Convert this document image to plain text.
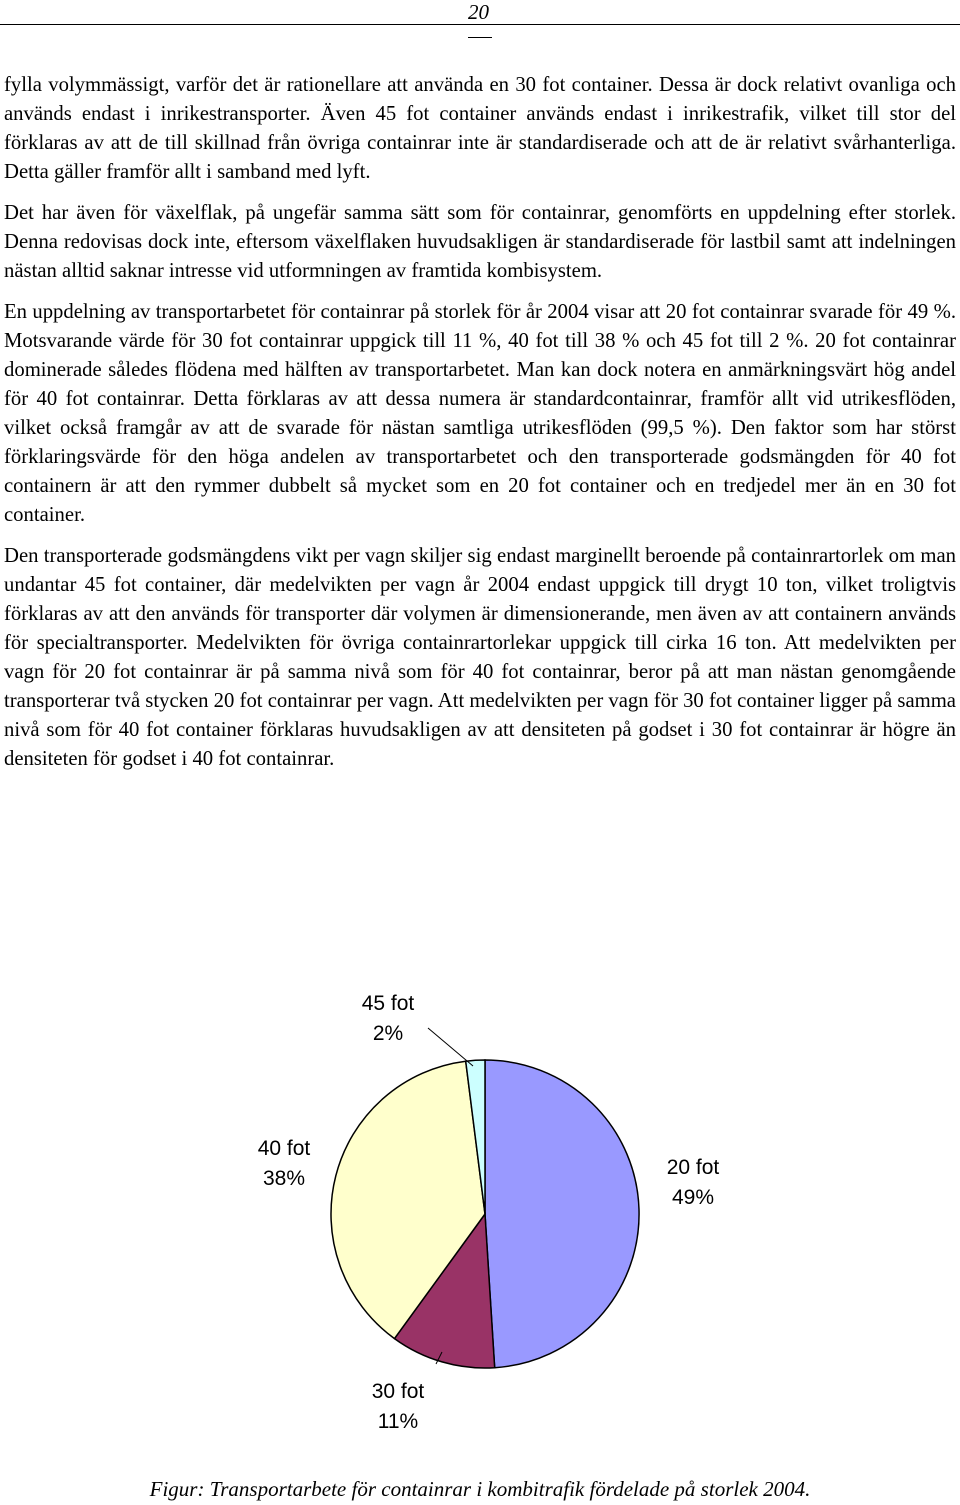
20

fylla volymmässigt, varför det är rationellare att använda en 30 fot container. Dessa är dock relativt ovanliga och används endast i inrikestransporter. Även 45 fot container används endast i inrikestrafik, vilket till stor del förklaras av att de till skillnad från övriga containrar inte är standardiserade och att de är relativt svårhanterliga. Detta gäller framför allt i samband med lyft.

Det har även för växelflak, på ungefär samma sätt som för containrar, genomförts en uppdelning efter storlek. Denna redovisas dock inte, eftersom växelflaken huvudsakligen är standardiserade för lastbil samt att indelningen nästan alltid saknar intresse vid utformningen av framtida kombisystem.

En uppdelning av transportarbetet för containrar på storlek för år 2004 visar att 20 fot containrar svarade för 49 %. Motsvarande värde för 30 fot containrar uppgick till 11 %, 40 fot till 38 % och 45 fot till 2 %. 20 fot containrar dominerade således flödena med hälften av transportarbetet. Man kan dock notera en anmärkningsvärt hög andel för 40 fot containrar. Detta förklaras av att dessa numera är standardcontainrar, framför allt vid utrikesflöden, vilket också framgår av att de svarade för nästan samtliga utrikesflöden (99,5 %). Den faktor som har störst förklaringsvärde för den höga andelen av transportarbetet och den transporterade godsmängden för 40 fot containern är att den rymmer dubbelt så mycket som en 20 fot container och en tredjedel mer än en 30 fot container.

Den transporterade godsmängdens vikt per vagn skiljer sig endast marginellt beroende på containrartorlek om man undantar 45 fot container, där medelvikten per vagn år 2004 endast uppgick till drygt 10 ton, vilket troligtvis förklaras av att den används för transporter där volymen är dimensionerande, men även av att containern används för specialtransporter. Medelvikten för övriga containrartorlekar uppgick till cirka 16 ton. Att medelvikten per vagn för 20 fot containrar är på samma nivå som för 40 fot containrar, beror på att man nästan genomgående transporterar två stycken 20 fot containrar per vagn. Att medelvikten per vagn för 30 fot container ligger på samma nivå som för 40 fot container förklaras huvudsakligen av att densiteten på godset i 30 fot containrar är högre än densiteten för godset i 40 fot containrar.

20 fot
49%
30 fot
11%
40 fot
38%
45 fot
2%
Figur: Transportarbete för containrar i kombitrafik fördelade på storlek 2004.
